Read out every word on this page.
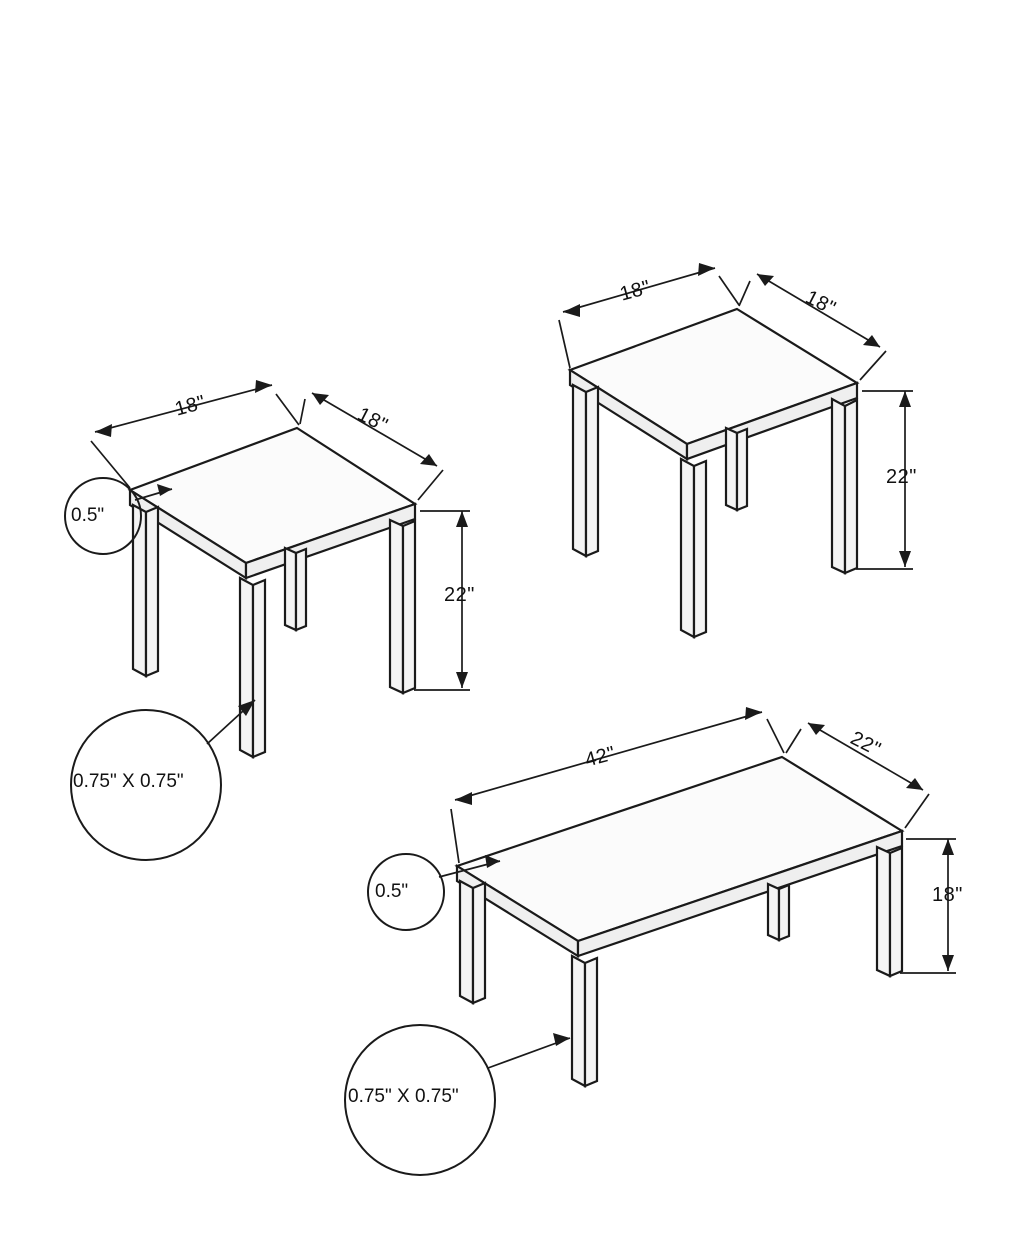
18"	18"
22"
0.5"
0.75" X 0.75"
18"	18"
22"
42"	22"
18"
0.5"
0.75" X 0.75"
